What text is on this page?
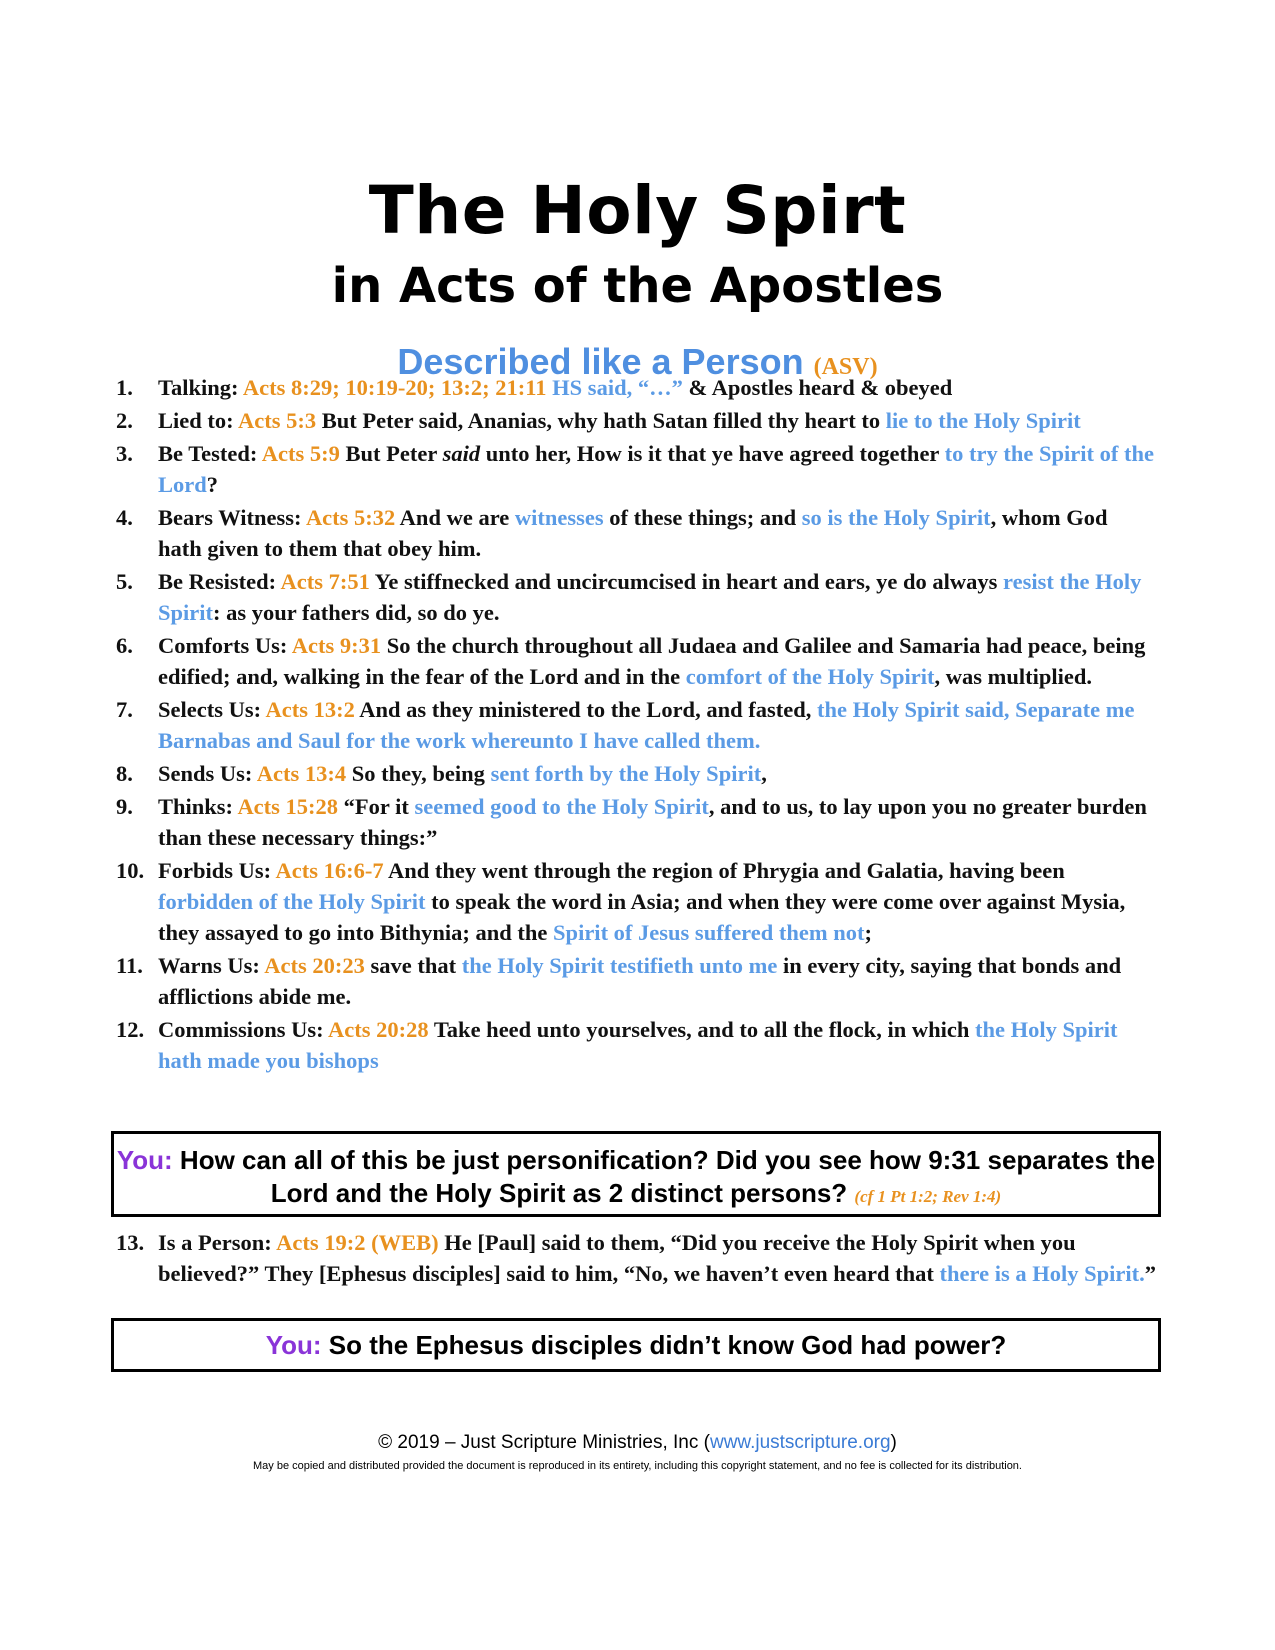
The Holy Spirt
in Acts of the Apostles
Described like a Person (ASV)
1.	Talking: Acts 8:29; 10:19-20; 13:2; 21:11 HS said, “…” & Apostles heard & obeyed
2.	Lied to: Acts 5:3 But Peter said, Ananias, why hath Satan filled thy heart to lie to the Holy Spirit
3.	Be Tested: Acts 5:9 But Peter said unto her, How is it that ye have agreed together to try the Spirit of the Lord?
4.	Bears Witness: Acts 5:32 And we are witnesses of these things; and so is the Holy Spirit, whom God hath given to them that obey him.
5.	Be Resisted: Acts 7:51 Ye stiffnecked and uncircumcised in heart and ears, ye do always resist the Holy Spirit: as your fathers did, so do ye.
6.	Comforts Us: Acts 9:31 So the church throughout all Judaea and Galilee and Samaria had peace, being edified; and, walking in the fear of the Lord and in the comfort of the Holy Spirit, was multiplied.
7.	Selects Us: Acts 13:2 And as they ministered to the Lord, and fasted, the Holy Spirit said, Separate me Barnabas and Saul for the work whereunto I have called them.
8.	Sends Us: Acts 13:4 So they, being sent forth by the Holy Spirit,
9.	Thinks: Acts 15:28 “For it seemed good to the Holy Spirit, and to us, to lay upon you no greater burden than these necessary things:”
10. Forbids Us: Acts 16:6-7 And they went through the region of Phrygia and Galatia, having been forbidden of the Holy Spirit to speak the word in Asia; and when they were come over against Mysia, they assayed to go into Bithynia; and the Spirit of Jesus suffered them not;
11. Warns Us: Acts 20:23 save that the Holy Spirit testifieth unto me in every city, saying that bonds and afflictions abide me.
12. Commissions Us: Acts 20:28 Take heed unto yourselves, and to all the flock, in which the Holy Spirit hath made you bishops
You: How can all of this be just personification? Did you see how 9:31 separates the Lord and the Holy Spirit as 2 distinct persons? (cf 1 Pt 1:2; Rev 1:4)
13. Is a Person: Acts 19:2 (WEB) He [Paul] said to them, “Did you receive the Holy Spirit when you believed?” They [Ephesus disciples] said to him, “No, we haven’t even heard that there is a Holy Spirit.”
You: So the Ephesus disciples didn’t know God had power?
© 2019 – Just Scripture Ministries, Inc (www.justscripture.org)
May be copied and distributed provided the document is reproduced in its entirety, including this copyright statement, and no fee is collected for its distribution.
